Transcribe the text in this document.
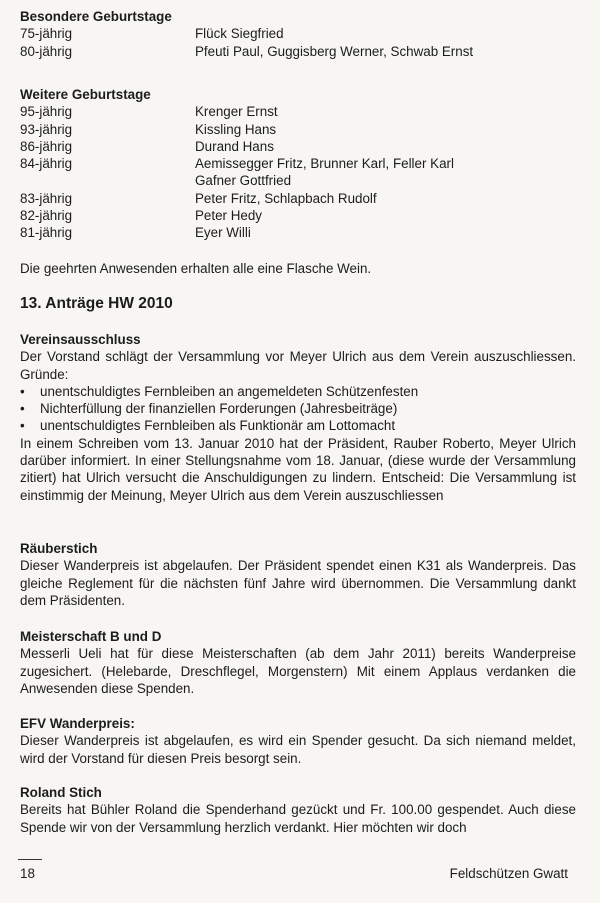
Besondere Geburtstage
75-jährig	Flück Siegfried
80-jährig	Pfeuti Paul, Guggisberg Werner, Schwab Ernst
Weitere Geburtstage
95-jährig	Krenger Ernst
93-jährig	Kissling Hans
86-jährig	Durand Hans
84-jährig	Aemissegger Fritz, Brunner Karl, Feller Karl
Gafner Gottfried
83-jährig	Peter Fritz, Schlapbach Rudolf
82-jährig	Peter Hedy
81-jährig	Eyer Willi
Die geehrten Anwesenden erhalten alle eine Flasche Wein.
13. Anträge HW 2010
Vereinsausschluss
Der Vorstand schlägt der Versammlung vor Meyer Ulrich aus dem Verein auszuschliessen. Gründe:
•	unentschuldigtes Fernbleiben an angemeldeten Schützenfesten
•	Nichterfüllung der finanziellen Forderungen (Jahresbeiträge)
•	unentschuldigtes Fernbleiben als Funktionär am Lottomacht
In einem Schreiben vom 13. Januar 2010 hat der Präsident, Rauber Roberto, Meyer Ulrich darüber informiert. In einer Stellungsnahme vom 18. Januar, (diese wurde der Versammlung zitiert) hat Ulrich versucht die Anschuldigungen zu lindern. Entscheid: Die Versammlung ist einstimmig der Meinung, Meyer Ulrich aus dem Verein auszuschliessen
Räuberstich
Dieser Wanderpreis ist abgelaufen. Der Präsident spendet einen K31 als Wanderpreis. Das gleiche Reglement für die nächsten fünf Jahre wird übernommen. Die Versammlung dankt dem Präsidenten.
Meisterschaft B und D
Messerli Ueli hat für diese Meisterschaften (ab dem Jahr 2011) bereits Wanderpreise zugesichert. (Helebarde, Dreschflegel, Morgenstern) Mit einem Applaus verdanken die Anwesenden diese Spenden.
EFV Wanderpreis:
Dieser Wanderpreis ist abgelaufen, es wird ein Spender gesucht. Da sich niemand meldet, wird der Vorstand für diesen Preis besorgt sein.
Roland Stich
Bereits hat Bühler Roland die Spenderhand gezückt und Fr. 100.00 gespendet. Auch diese Spende wir von der Versammlung herzlich verdankt. Hier möchten wir doch
18	Feldschützen Gwatt
